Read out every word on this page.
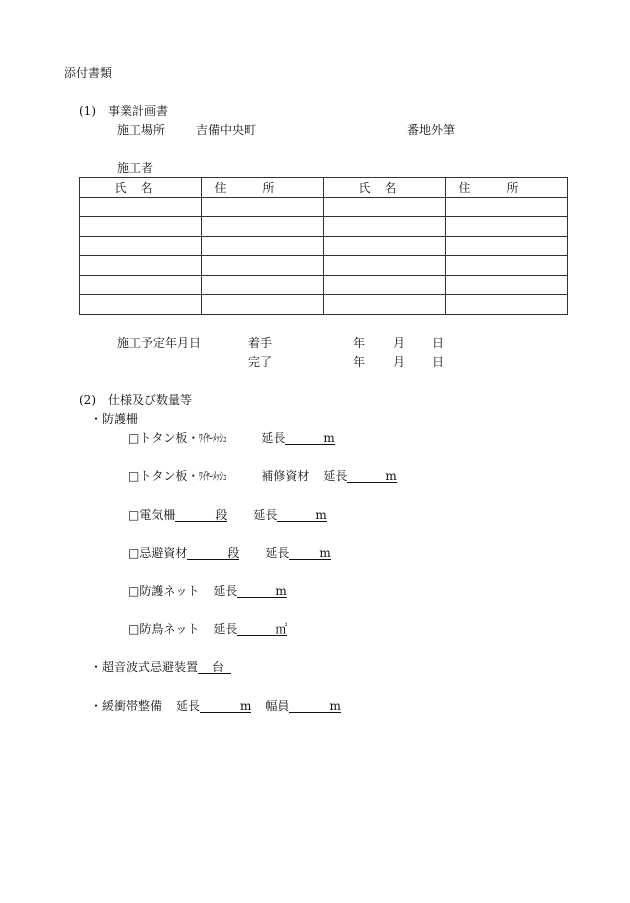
添付書類
(1)　事業計画書
施工場所	吉備中央町	番地外筆
施工者
氏名	住所	氏名	住所

施工予定年月日	着手	年 月 日
完了	年 月 日
(2)　仕様及び数量等
・防護柵
□トタン板・ﾜｲﾔｰﾒｯｼｭ	延長	m
□トタン板・ﾜｲﾔｰﾒｯｼｭ	補修資材 延長	m
□電気柵	段 延長	m
□忌避資材	段 延長	m
□防護ネット 延長	m
□防鳥ネット 延長	㎡
・超音波式忌避装置 台
・緩衝帯整備 延長	m 幅員	m
